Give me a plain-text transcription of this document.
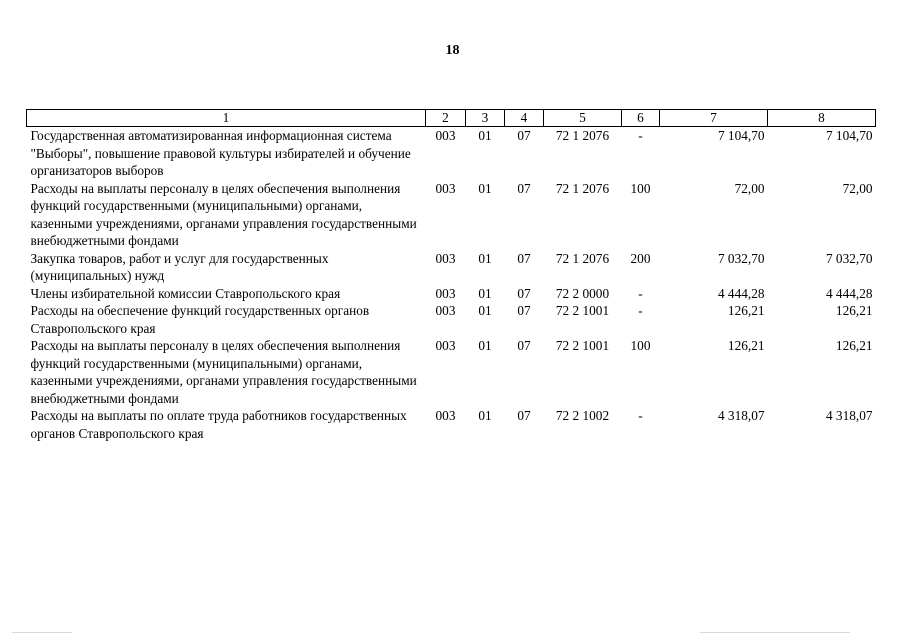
18
1	2	3	4	5	6	7	8
Государственная автоматизированная информационная система "Выборы", повышение правовой культуры избирателей и обучение организаторов выборов	003	01	07	72 1 2076	-	7 104,70	7 104,70
Расходы на выплаты персоналу в целях обеспечения выполнения функций государственными (муниципальными) органами, казенными учреждениями, органами управления государственными внебюджетными фондами	003	01	07	72 1 2076	100	72,00	72,00
Закупка товаров, работ и услуг для государственных (муниципальных) нужд	003	01	07	72 1 2076	200	7 032,70	7 032,70
Члены избирательной комиссии Ставропольского края	003	01	07	72 2 0000	-	4 444,28	4 444,28
Расходы на обеспечение функций государственных органов Ставропольского края	003	01	07	72 2 1001	-	126,21	126,21
Расходы на выплаты персоналу в целях обеспечения выполнения функций государственными (муниципальными) органами, казенными учреждениями, органами управления государственными внебюджетными фондами	003	01	07	72 2 1001	100	126,21	126,21
Расходы на выплаты по оплате труда работников государственных органов Ставропольского края	003	01	07	72 2 1002	-	4 318,07	4 318,07
